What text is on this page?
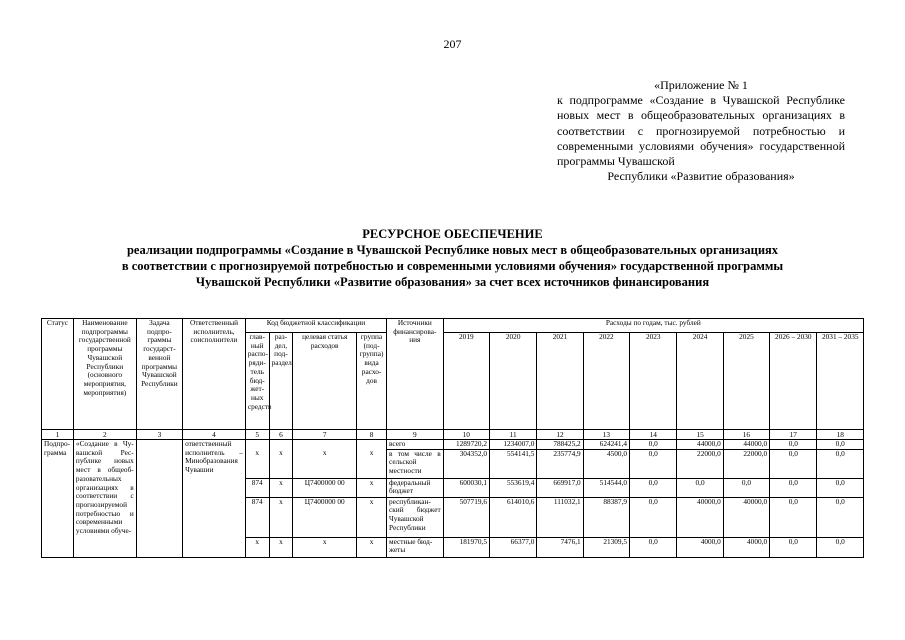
207
«Приложение № 1
к подпрограмме «Создание в Чувашской Республике новых мест в общеобразовательных организациях в соответствии с прогнозируемой потребностью и современными условиями обучения» государственной программы Чувашской
Республики «Развитие образования»
РЕСУРСНОЕ ОБЕСПЕЧЕНИЕ
реализации подпрограммы «Создание в Чувашской Республике новых мест в общеобразовательных организациях
в соответствии с прогнозируемой потребностью и современными условиями обучения» государственной программы
Чувашской Республики «Развитие образования» за счет всех источников финансирования
Статус	Наименование подпрограммы государственной программы Чувашской Республики (основного мероприятия, мероприятия)	Задача подпрограммы государственной программы Чувашской Республики	Ответственный исполнитель, соисполнители	Код бюджетной классификации				Источники финансирования	Расходы по годам, тыс. рублей								
				главный распорядитель бюджетных средств	раздел, подраздел	целевая статья расходов	группа (подгруппа) вида расходов		2019	2020	2021	2022	2023	2024	2025	2026 – 2030	2031 – 2035

1	2	3	4	5	6	7	8	9	10	11	12	13	14	15	16	17	18
Подпрограмма	«Создание в Чувашской Республике новых мест в общеобразовательных организациях в соответствии с прогнозируемой потребностью и современными условиями обуче-		ответственный исполнитель – Минобразования Чувашии					всего	1289720,2	1234007,0	788425,2	624241,4	0,0	44000,0	44000,0	0,0	0,0
				х	х	х	х	в том числе в сельской местности	304352,0	554141,5	235774,9	4500,0	0,0	22000,0	22000,0	0,0	0,0
				874	х	Ц7400000 00	х	федеральный бюджет	600030,1	553619,4	669917,0	514544,0	0,0	0,0	0,0	0,0	0,0
				874	х	Ц7400000 00	х	республиканский бюджет Чувашской Республики	507719,6	614010,6	111032,1	88387,9	0,0	40000,0	40000,0	0,0	0,0
				х	х	х	х	местные бюджеты	181970,5	66377,0	7476,1	21309,5	0,0	4000,0	4000,0	0,0	0,0
